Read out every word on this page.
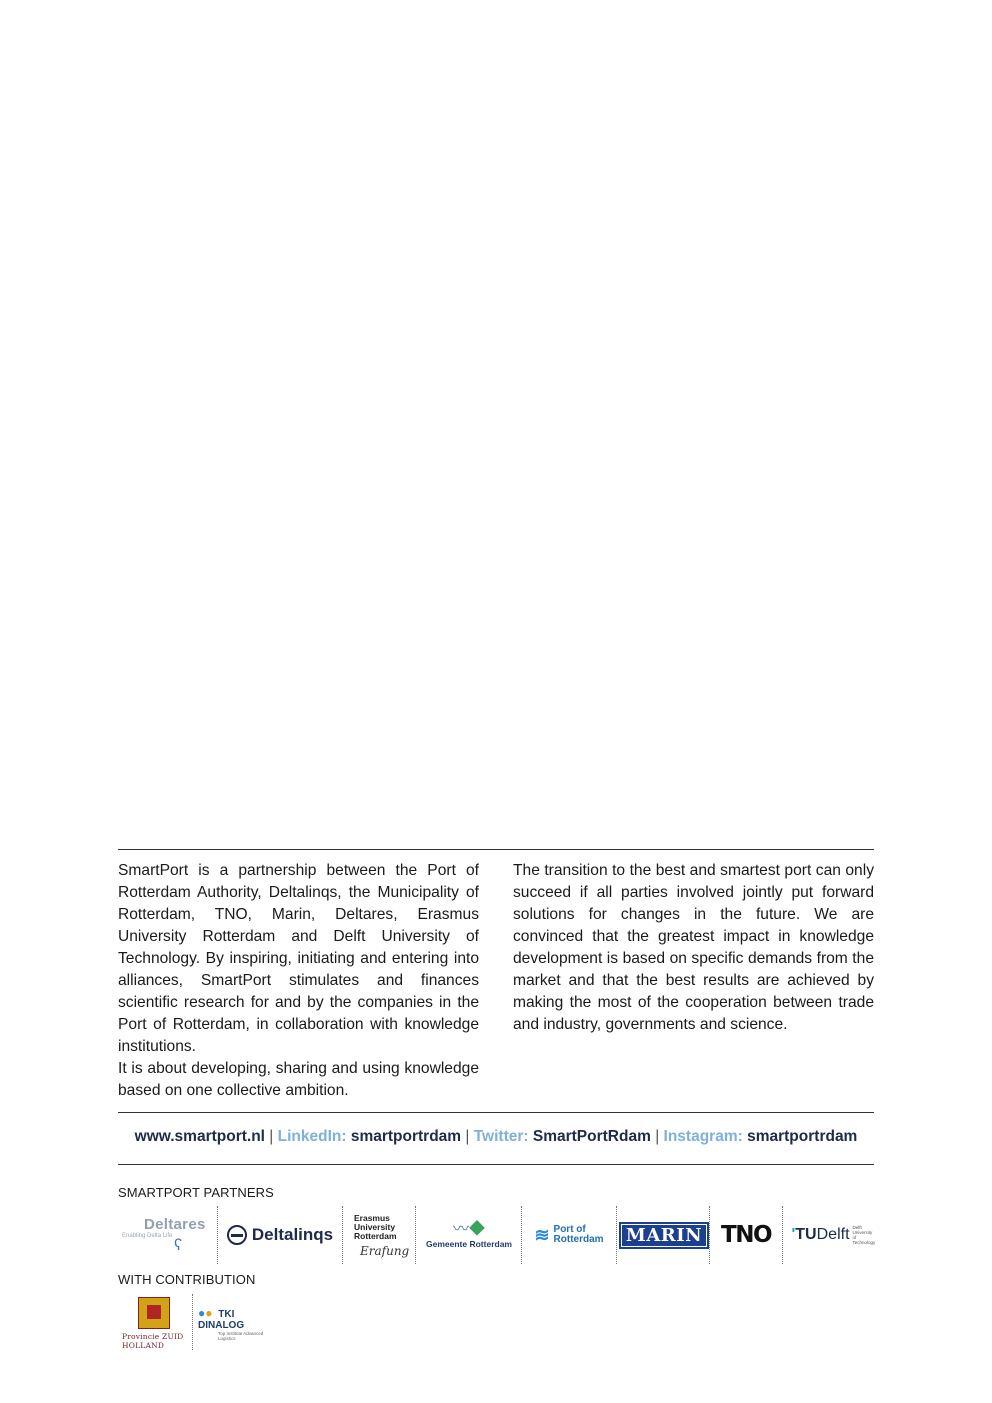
SmartPort is a partnership between the Port of Rotterdam Authority, Deltalinqs, the Municipality of Rotterdam, TNO, Marin, Deltares, Erasmus University Rotterdam and Delft University of Technology. By inspiring, initiating and entering into alliances, SmartPort stimulates and finances scientific research for and by the companies in the Port of Rotterdam, in collaboration with knowledge institutions.

It is about developing, sharing and using knowledge based on one collective ambition.

The transition to the best and smartest port can only succeed if all parties involved jointly put forward solutions for changes in the future. We are convinced that the greatest impact in knowledge development is based on specific demands from the market and that the best results are achieved by making the most of the cooperation between trade and industry, governments and science.

www.smartport.nl | LinkedIn: smartportrdam | Twitter: SmartPortRdam | Instagram: smartportrdam
SMARTPORT PARTNERS
Deltares
Enabling Delta Life
ʕ
Deltalinqs
Erasmus
University
Rotterdam
Erafung
〰◆
Gemeente Rotterdam ≋ Port of
Rotterdam	MARIN TNO ʹTU Delft Delft University of Technology
WITH CONTRIBUTION
Provincie ZUID HOLLAND
●● TKI DINALOG
Top Institute Advanced Logistics
